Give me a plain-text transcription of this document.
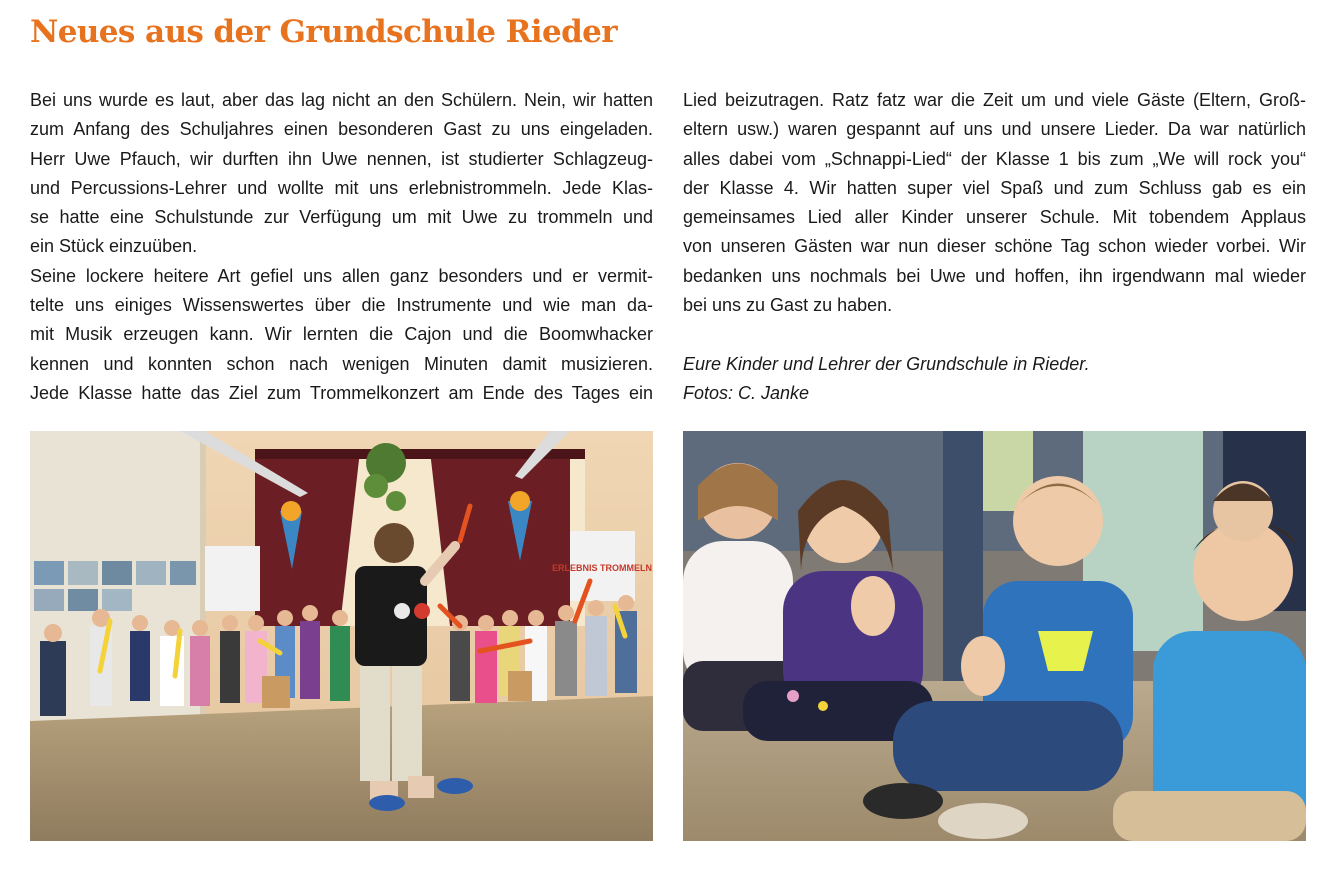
Neues aus der Grundschule Rieder
Bei uns wurde es laut, aber das lag nicht an den Schülern. Nein, wir hatten
zum Anfang des Schuljahres einen besonderen Gast zu uns eingeladen.
Herr Uwe Pfauch, wir durften ihn Uwe nennen, ist studierter Schlagzeug-
und Percussions-Lehrer und wollte mit uns erlebnistrommeln. Jede Klas-
se hatte eine Schulstunde zur Verfügung um mit Uwe zu trommeln und
ein Stück einzuüben.
Seine lockere heitere Art gefiel uns allen ganz besonders und er vermit-
telte uns einiges Wissenswertes über die Instrumente und wie man da-
mit Musik erzeugen kann. Wir lernten die Cajon und die Boomwhacker
kennen und konnten schon nach wenigen Minuten damit musizieren.
Jede Klasse hatte das Ziel zum Trommelkonzert am Ende des Tages ein
Lied beizutragen. Ratz fatz war die Zeit um und viele Gäste (Eltern, Groß-
eltern usw.) waren gespannt auf uns und unsere Lieder. Da war natürlich
alles dabei vom „Schnappi-Lied“ der Klasse 1 bis zum „We will rock you“
der Klasse 4. Wir hatten super viel Spaß und zum Schluss gab es ein
gemeinsames Lied aller Kinder unserer Schule. Mit tobendem Applaus
von unseren Gästen war nun dieser schöne Tag schon wieder vorbei. Wir
bedanken uns nochmals bei Uwe und hoffen, ihn irgendwann mal wieder
bei uns zu Gast zu haben.
Eure Kinder und Lehrer der Grundschule in Rieder.
Fotos: C. Janke
ERLEBNIS TROMMELN
